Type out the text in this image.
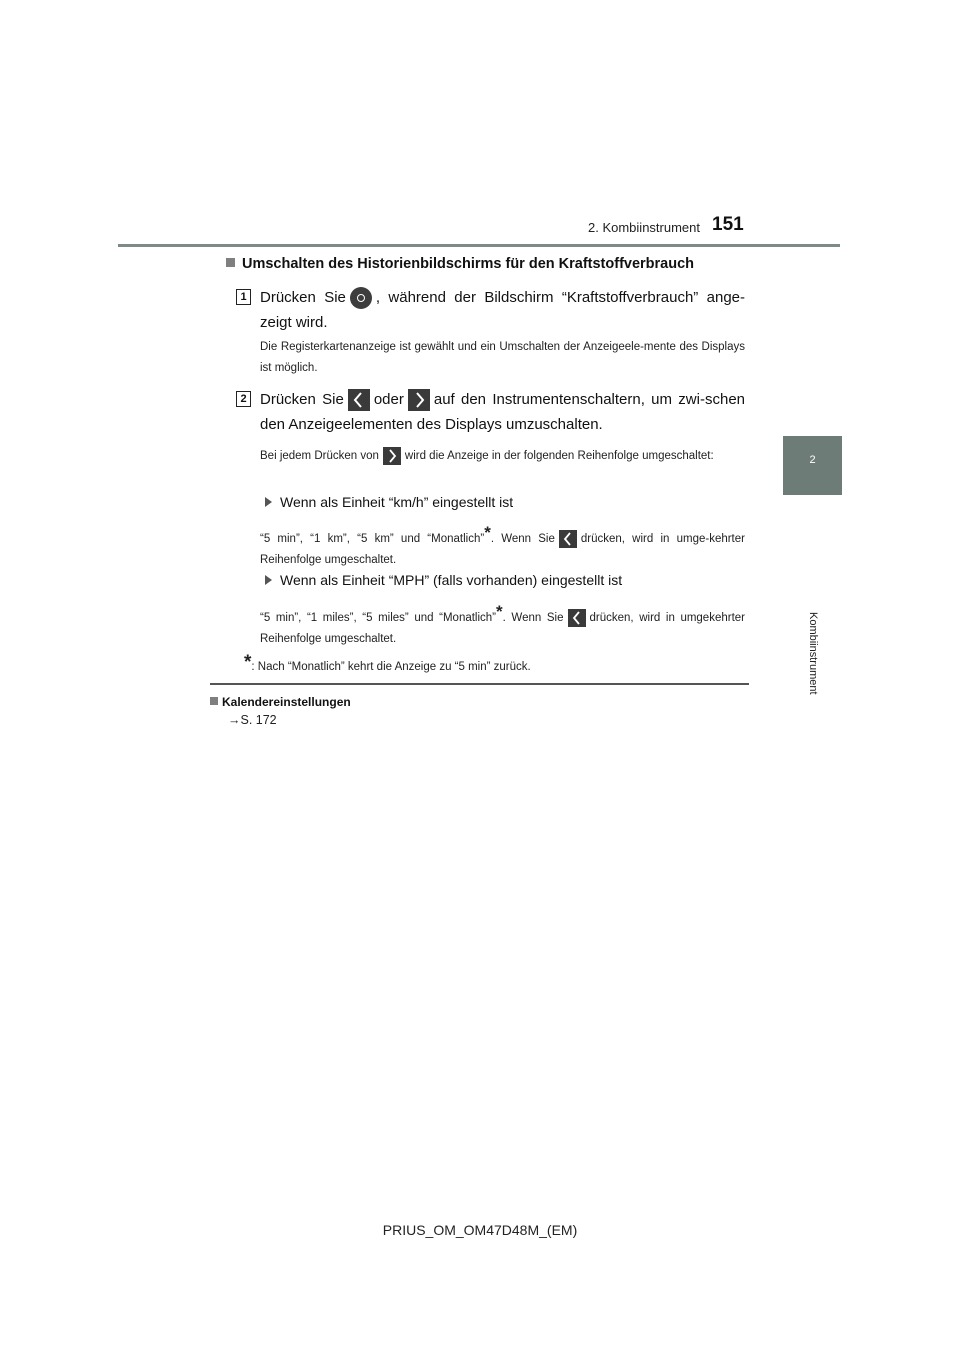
2. Kombiinstrument 151
2
Kombiinstrument
Umschalten des Historienbildschirms für den Kraftstoffverbrauch
1 Drücken Sie , während der Bildschirm “Kraftstoffverbrauch” ange-zeigt wird.
Die Registerkartenanzeige ist gewählt und ein Umschalten der Anzeigeele-mente des Displays ist möglich.
2 Drücken Sie oder auf den Instrumentenschaltern, um zwi-schen den Anzeigeelementen des Displays umzuschalten.
Bei jedem Drücken von wird die Anzeige in der folgenden Reihenfolge umgeschaltet:
Wenn als Einheit “km/h” eingestellt ist
“5 min”, “1 km”, “5 km” und “Monatlich”*. Wenn Sie drücken, wird in umge-kehrter Reihenfolge umgeschaltet.
Wenn als Einheit “MPH” (falls vorhanden) eingestellt ist
“5 min”, “1 miles”, “5 miles” und “Monatlich”*. Wenn Sie drücken, wird in umgekehrter Reihenfolge umgeschaltet.
*: Nach “Monatlich” kehrt die Anzeige zu “5 min” zurück.
Kalendereinstellungen
→S. 172
PRIUS_OM_OM47D48M_(EM)
